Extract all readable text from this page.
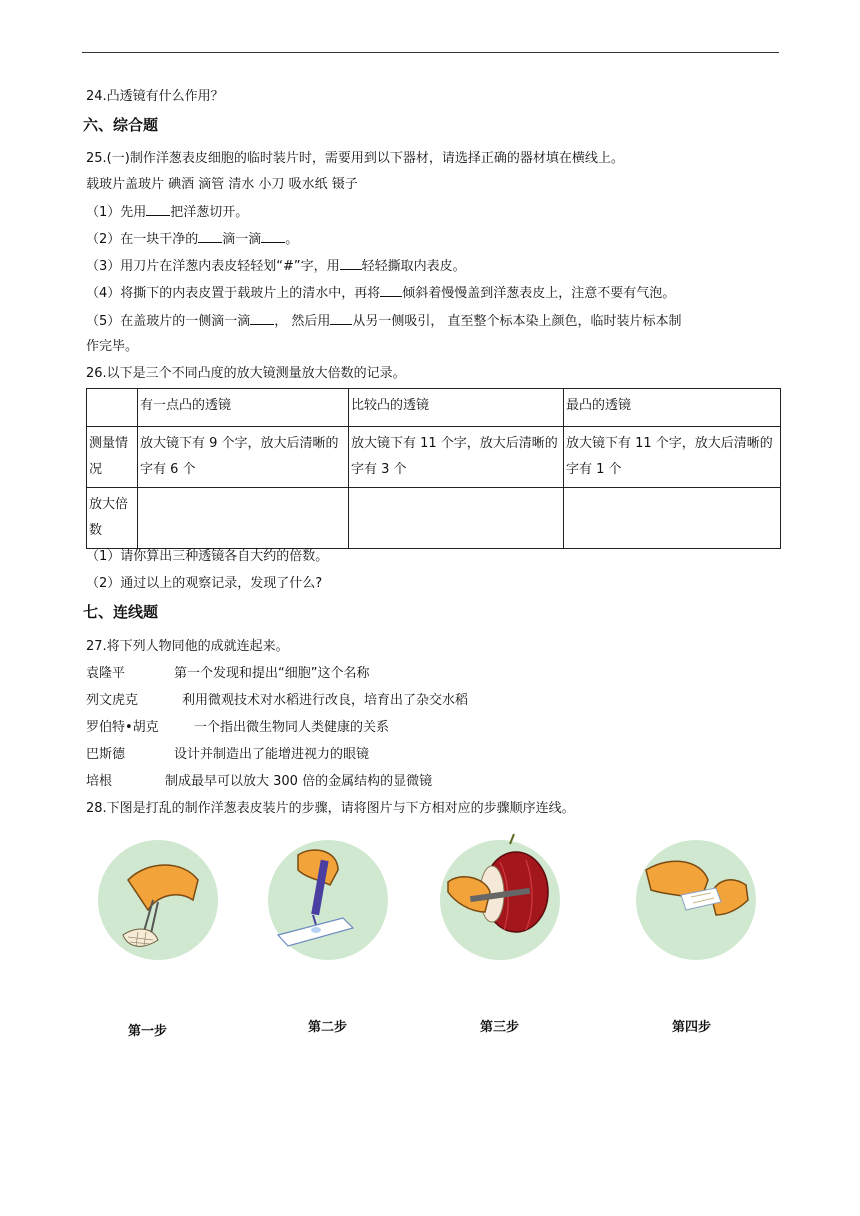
24.凸透镜有什么作用？
六、综合题
25.(一)制作洋葱表皮细胞的临时装片时，需要用到以下器材，请选择正确的器材填在横线上。
载玻片盖玻片 碘酒 滴管 清水 小刀 吸水纸 镊子
（1）先用 把洋葱切开。
（2）在一块干净的 滴一滴 。
（3）用刀片在洋葱内表皮轻轻划“#”字，用 轻轻撕取内表皮。
（4）将撕下的内表皮置于载玻片上的清水中，再将 倾斜着慢慢盖到洋葱表皮上，注意不要有气泡。
（5）在盖玻片的一侧滴一滴 ， 然后用 从另一侧吸引， 直至整个标本染上颜色，临时装片标本制
作完毕。
26.以下是三个不同凸度的放大镜测量放大倍数的记录。
	有一点凸的透镜	比较凸的透镜	最凸的透镜
测量情况	放大镜下有 9 个字，放大后清晰的字有 6 个	放大镜下有 11 个字，放大后清晰的字有 3 个	放大镜下有 11 个字，放大后清晰的字有 1 个
放大倍数			
（1）请你算出三种透镜各自大约的倍数。
（2）通过以上的观察记录，发现了什么?
七、连线题
27.将下列人物同他的成就连起来。
袁隆平	第一个发现和提出“细胞”这个名称
列文虎克	利用微观技术对水稻进行改良，培育出了杂交水稻
罗伯特•胡克	一个指出微生物同人类健康的关系
巴斯德	设计并制造出了能增进视力的眼镜
培根	制成最早可以放大 300 倍的金属结构的显微镜
28.下图是打乱的制作洋葱表皮装片的步骤，请将图片与下方相对应的步骤顺序连线。
第一步	第二步	第三步	第四步
